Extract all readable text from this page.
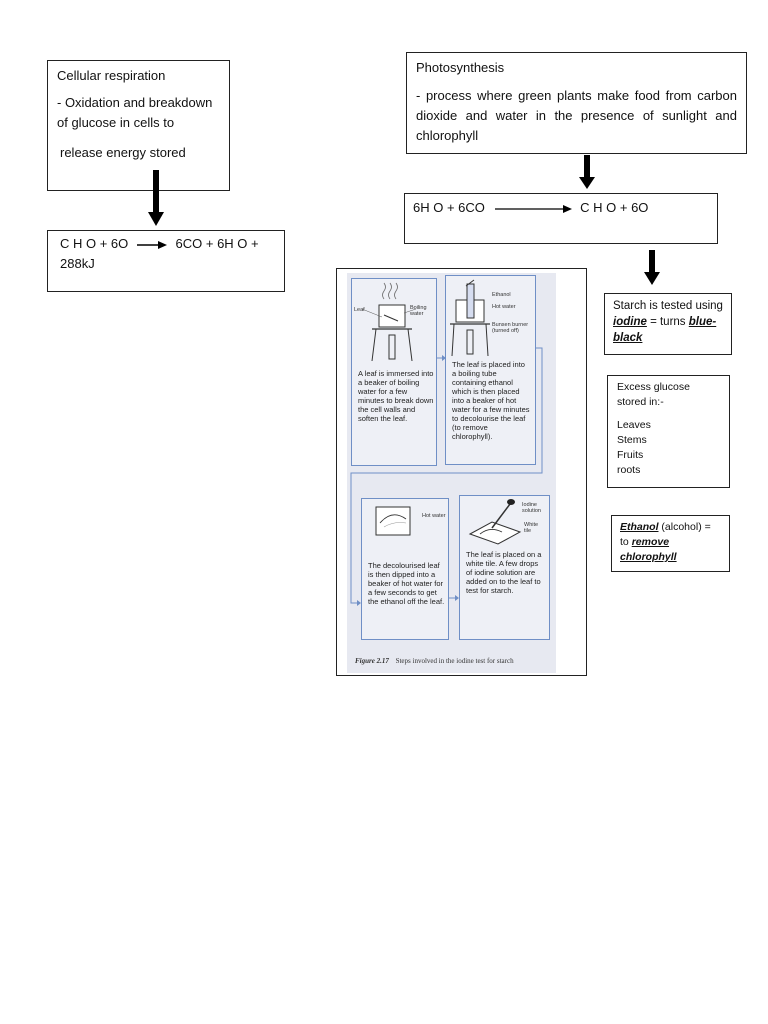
Cellular respiration
- Oxidation and breakdown of glucose in cells to
release energy stored
C H O + 6O	6CO + 6H O + 288kJ
Photosynthesis
- process where green plants make food from carbon dioxide and water in the presence of sunlight and chlorophyll
6H O + 6CO	C H O + 6O
Starch is tested using iodine = turns blue-black
Excess glucose stored in:-
Leaves
Stems
Fruits
roots
Ethanol (alcohol) = to remove chlorophyll
Leaf	Boiling water
A leaf is immersed into a beaker of boiling water for a few minutes to break down the cell walls and soften the leaf.
Ethanol
Hot water
Bunsen burner (turned off)
The leaf is placed into a boiling tube containing ethanol which is then placed into a beaker of hot water for a few minutes to decolourise the leaf (to remove chlorophyll).
Hot water
The decolourised leaf is then dipped into a beaker of hot water for a few seconds to get the ethanol off the leaf.
Iodine solution
White tile
The leaf is placed on a white tile. A few drops of iodine solution are added on to the leaf to test for starch.
Figure 2.17 Steps involved in the iodine test for starch
